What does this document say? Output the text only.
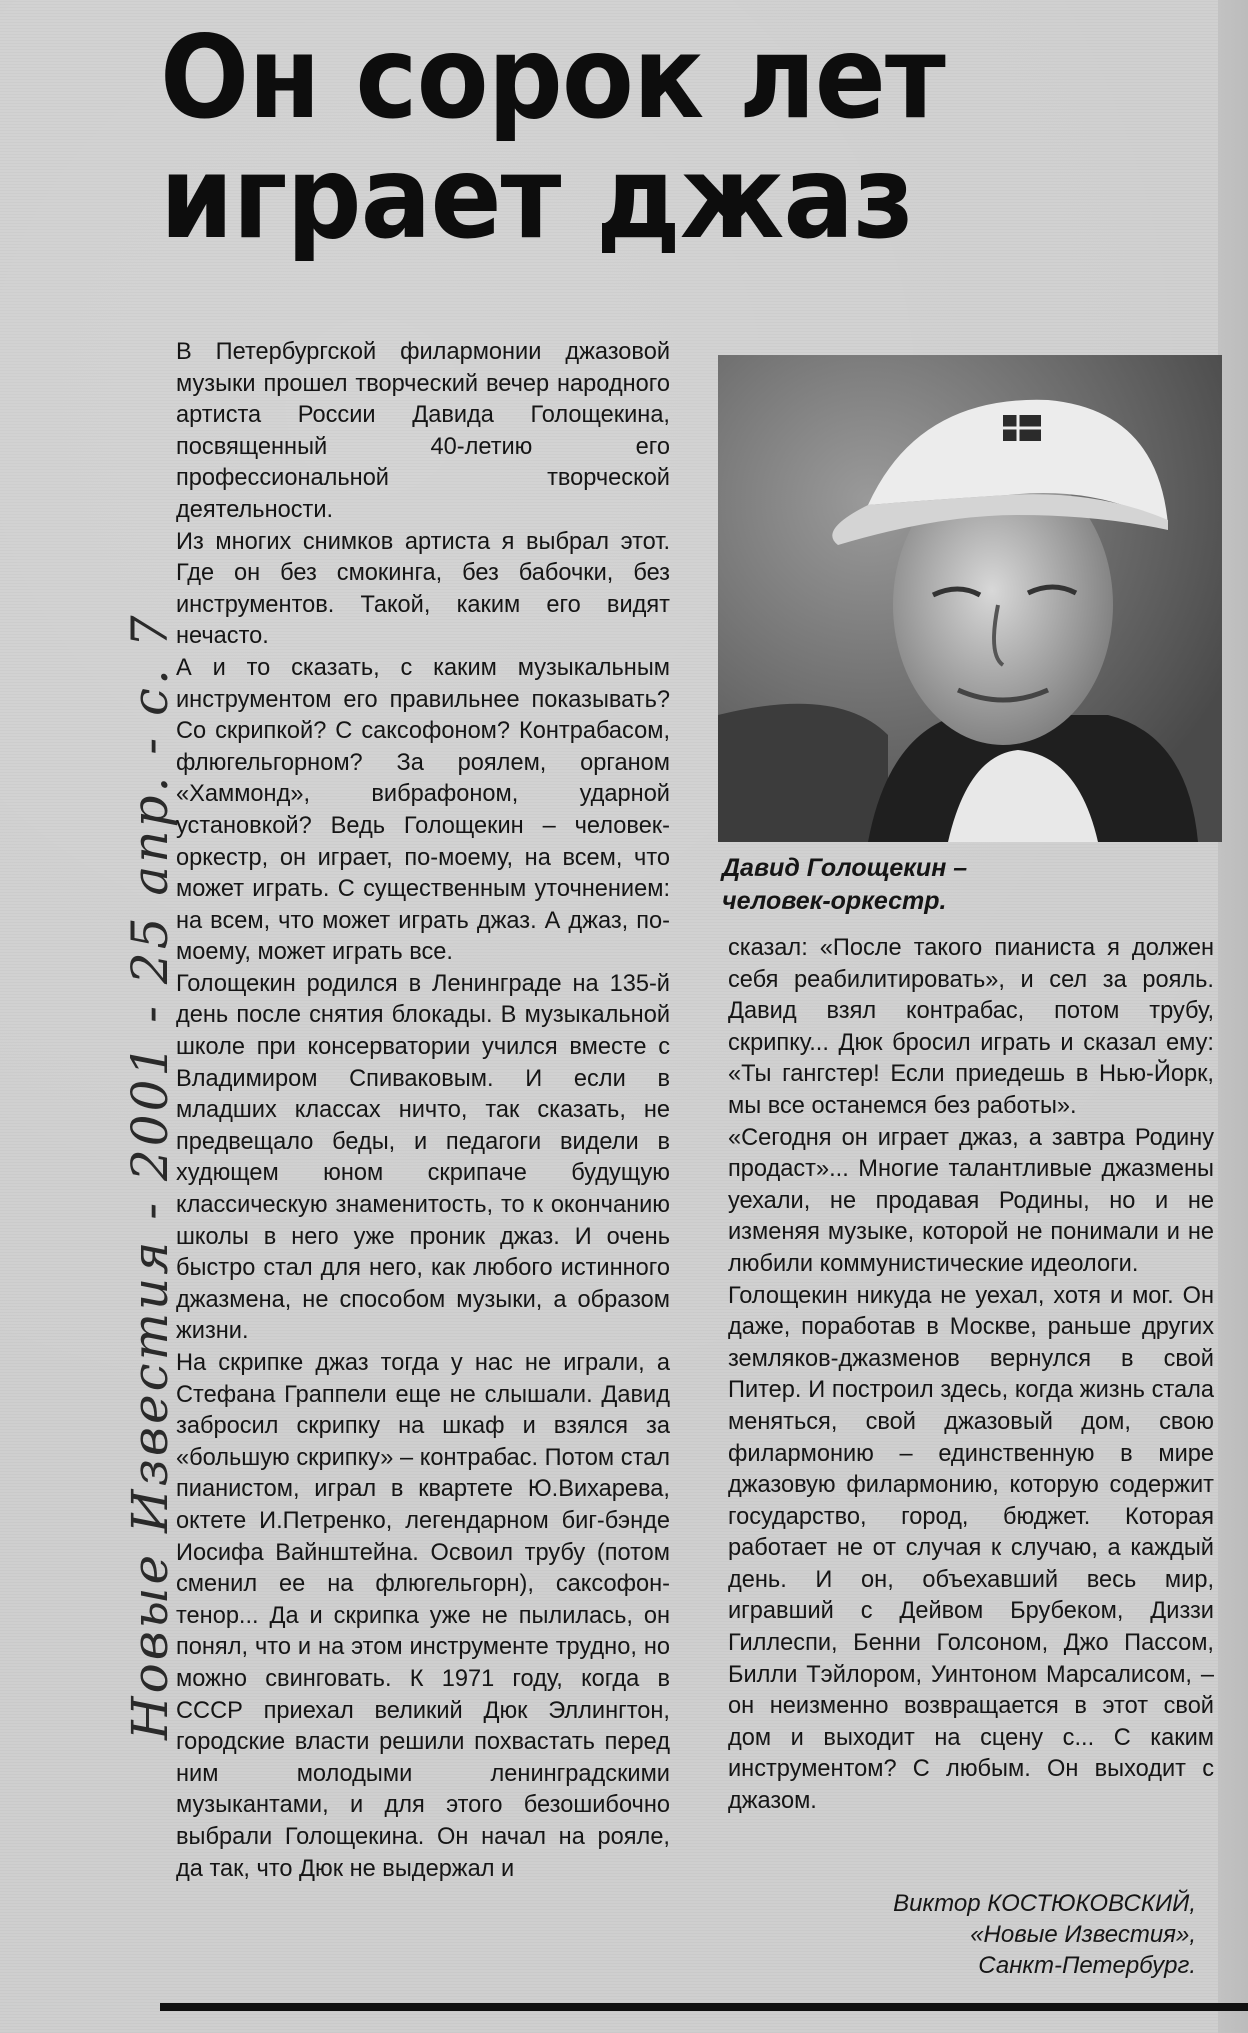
Он сорок лет
играет джаз
Новые Известия - 2001 - 25 апр. - с. 7

В Петербургской филармонии джазовой музыки прошел творческий вечер народного артиста России Давида Голощекина, посвященный 40-летию его профессиональной творческой деятельности.

Из многих снимков артиста я выбрал этот. Где он без смокинга, без бабочки, без инструментов. Такой, каким его видят нечасто.

А и то сказать, с каким музыкальным инструментом его правильнее показывать? Со скрипкой? С саксофоном? Контрабасом, флюгельгорном? За роялем, органом «Хаммонд», вибрафоном, ударной установкой? Ведь Голощекин – человек-оркестр, он играет, по-моему, на всем, что может играть. С существенным уточнением: на всем, что может играть джаз. А джаз, по-моему, может играть все.

Голощекин родился в Ленинграде на 135-й день после снятия блокады. В музыкальной школе при консерватории учился вместе с Владимиром Спиваковым. И если в младших классах ничто, так сказать, не предвещало беды, и педагоги видели в худющем юном скрипаче будущую классическую знаменитость, то к окончанию школы в него уже проник джаз. И очень быстро стал для него, как любого истинного джазмена, не способом музыки, а образом жизни.

На скрипке джаз тогда у нас не играли, а Стефана Граппели еще не слышали. Давид забросил скрипку на шкаф и взялся за «большую скрипку» – контрабас. Потом стал пианистом, играл в квартете Ю.Вихарева, октете И.Петренко, легендарном биг-бэнде Иосифа Вайнштейна. Освоил трубу (потом сменил ее на флюгельгорн), саксофон-тенор... Да и скрипка уже не пылилась, он понял, что и на этом инструменте трудно, но можно свинговать. К 1971 году, когда в СССР приехал великий Дюк Эллингтон, городские власти решили похвастать перед ним молодыми ленинградскими музыкантами, и для этого безошибочно выбрали Голощекина. Он начал на рояле, да так, что Дюк не выдержал и

Давид Голощекин –
человек-оркестр.

сказал: «После такого пианиста я должен себя реабилитировать», и сел за рояль. Давид взял контрабас, потом трубу, скрипку... Дюк бросил играть и сказал ему: «Ты гангстер! Если приедешь в Нью-Йорк, мы все останемся без работы».

«Сегодня он играет джаз, а завтра Родину продаст»... Многие талантливые джазмены уехали, не продавая Родины, но и не изменяя музыке, которой не понимали и не любили коммунистические идеологи.

Голощекин никуда не уехал, хотя и мог. Он даже, поработав в Москве, раньше других земляков-джазменов вернулся в свой Питер. И построил здесь, когда жизнь стала меняться, свой джазовый дом, свою филармонию – единственную в мире джазовую филармонию, которую содержит государство, город, бюджет. Которая работает не от случая к случаю, а каждый день. И он, объехавший весь мир, игравший с Дейвом Брубеком, Диззи Гиллеспи, Бенни Голсоном, Джо Пассом, Билли Тэйлором, Уинтоном Марсалисом, – он неизменно возвращается в этот свой дом и выходит на сцену с... С каким инструментом? С любым. Он выходит с джазом.

Виктор КОСТЮКОВСКИЙ,
«Новые Известия»,
Санкт-Петербург.
